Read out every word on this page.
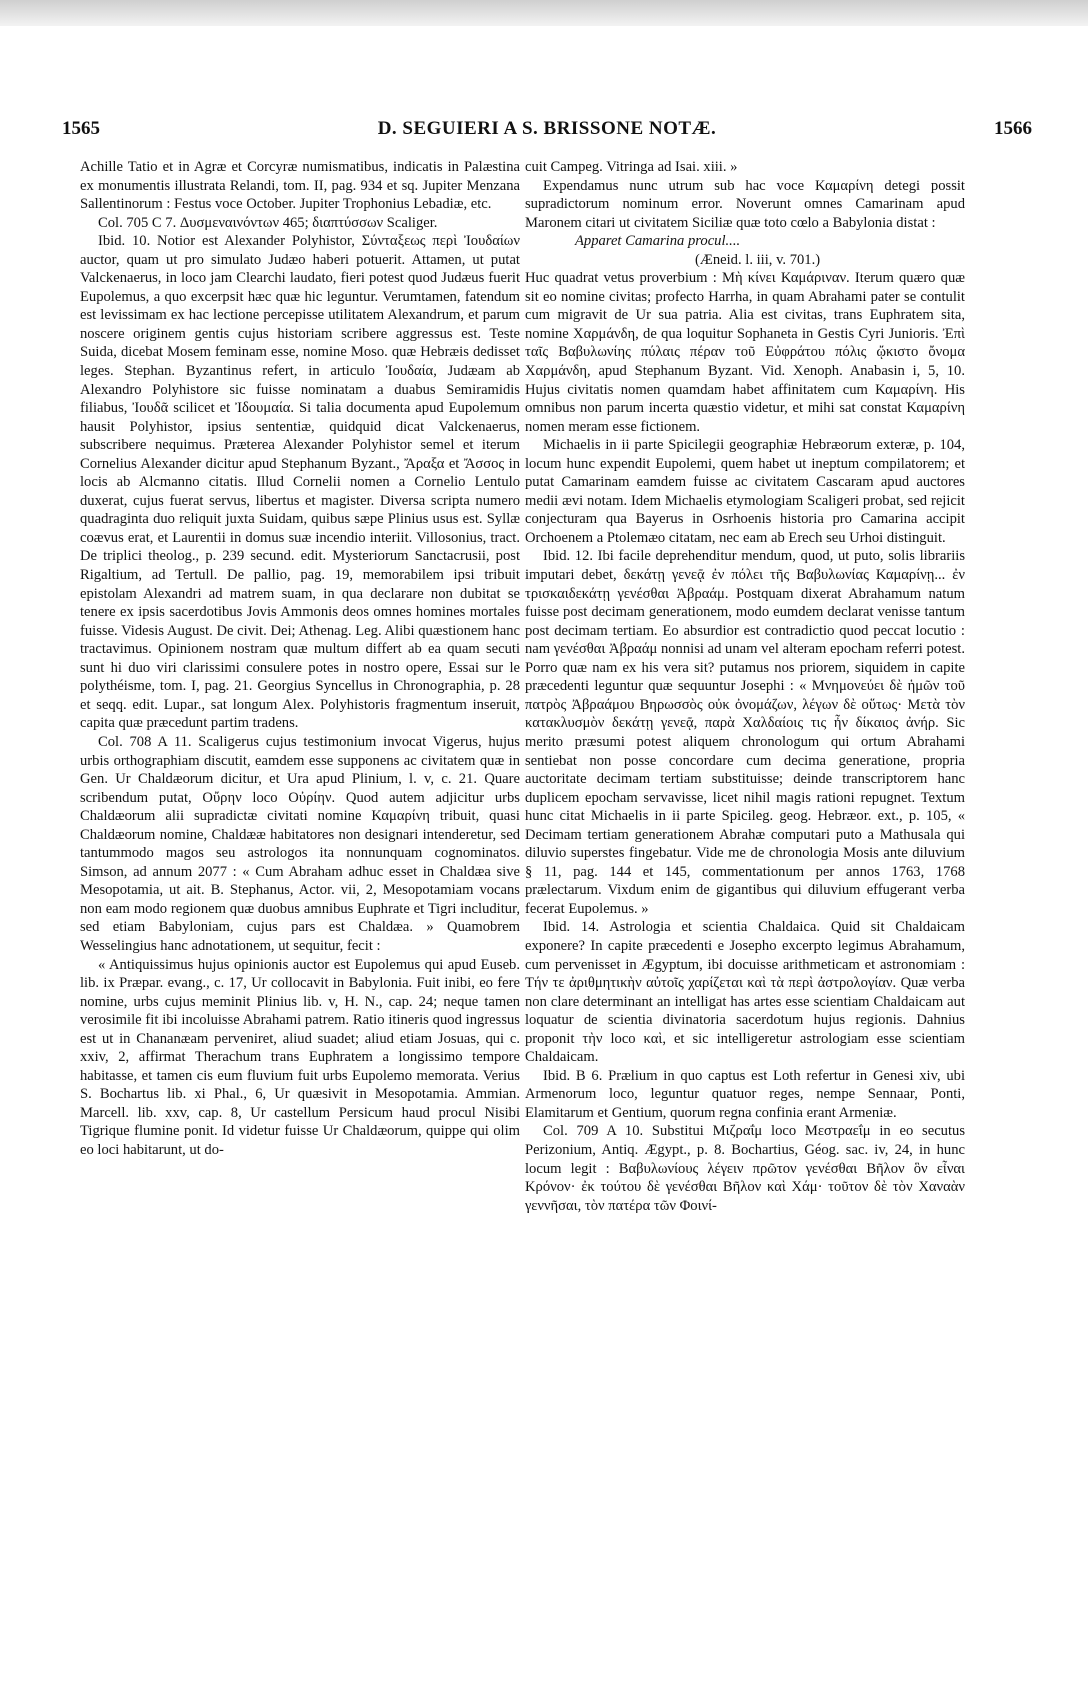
1565	D. SEGUIERI A S. BRISSONE NOTÆ.	1566

Achille Tatio et in Agræ et Corcyræ numismatibus, indicatis in Palæstina ex monumentis illustrata Relandi, tom. II, pag. 934 et sq. Jupiter Menzana Sallentinorum : Festus voce October. Jupiter Trophonius Lebadiæ, etc.

Col. 705 C 7. Δυσμεναινόντων 465; διαπτύσσων Scaliger.

Ibid. 10. Notior est Alexander Polyhistor, Σύνταξεως περὶ Ἰουδαίων auctor, quam ut pro simulato Judæo haberi potuerit. Attamen, ut putat Valckenaerus, in loco jam Clearchi laudato, fieri potest quod Judæus fuerit Eupolemus, a quo excerpsit hæc quæ hic leguntur. Verumtamen, fatendum est levissimam ex hac lectione percepisse utilitatem Alexandrum, et parum noscere originem gentis cujus historiam scribere aggressus est. Teste Suida, dicebat Mosem feminam esse, nomine Moso. quæ Hebræis dedisset leges. Stephan. Byzantinus refert, in articulo Ἰουδαία, Judæam ab Alexandro Polyhistore sic fuisse nominatam a duabus Semiramidis filiabus, Ἰουδᾶ scilicet et Ἰδουμαία. Si talia documenta apud Eupolemum hausit Polyhistor, ipsius sententiæ, quidquid dicat Valckenaerus, subscribere nequimus. Præterea Alexander Polyhistor semel et iterum Cornelius Alexander dicitur apud Stephanum Byzant., Ἄραξα et Ἄσσος in locis ab Alcmanno citatis. Illud Cornelii nomen a Cornelio Lentulo duxerat, cujus fuerat servus, libertus et magister. Diversa scripta numero quadraginta duo reliquit juxta Suidam, quibus sæpe Plinius usus est. Syllæ coævus erat, et Laurentii in domus suæ incendio interiit. Villosonius, tract. De triplici theolog., p. 239 secund. edit. Mysteriorum Sanctacrusii, post Rigaltium, ad Tertull. De pallio, pag. 19, memorabilem ipsi tribuit epistolam Alexandri ad matrem suam, in qua declarare non dubitat se tenere ex ipsis sacerdotibus Jovis Ammonis deos omnes homines mortales fuisse. Videsis August. De civit. Dei; Athenag. Leg. Alibi quæstionem hanc tractavimus. Opinionem nostram quæ multum differt ab ea quam secuti sunt hi duo viri clarissimi consulere potes in nostro opere, Essai sur le polythéisme, tom. I, pag. 21. Georgius Syncellus in Chronographia, p. 28 et seqq. edit. Lupar., sat longum Alex. Polyhistoris fragmentum inseruit, capita quæ præcedunt partim tradens.

Col. 708 A 11. Scaligerus cujus testimonium invocat Vigerus, hujus urbis orthographiam discutit, eamdem esse supponens ac civitatem quæ in Gen. Ur Chaldæorum dicitur, et Ura apud Plinium, l. v, c. 21. Quare scribendum putat, Οὔρην loco Οὐρίην. Quod autem adjicitur urbs Chaldæorum alii supradictæ civitati nomine Καμαρίνη tribuit, quasi Chaldæorum nomine, Chaldææ habitatores non designari intenderetur, sed tantummodo magos seu astrologos ita nonnunquam cognominatos. Simson, ad annum 2077 : « Cum Abraham adhuc esset in Chaldæa sive Mesopotamia, ut ait. B. Stephanus, Actor. vii, 2, Mesopotamiam vocans non eam modo regionem quæ duobus amnibus Euphrate et Tigri includitur, sed etiam Babyloniam, cujus pars est Chaldæa. » Quamobrem Wesselingius hanc adnotationem, ut sequitur, fecit :

« Antiquissimus hujus opinionis auctor est Eupolemus qui apud Euseb. lib. ix Præpar. evang., c. 17, Ur collocavit in Babylonia. Fuit inibi, eo fere nomine, urbs cujus meminit Plinius lib. v, H. N., cap. 24; neque tamen verosimile fit ibi incoluisse Abrahami patrem. Ratio itineris quod ingressus est ut in Chananæam perveniret, aliud suadet; aliud etiam Josuas, qui c. xxiv, 2, affirmat Therachum trans Euphratem a longissimo tempore habitasse, et tamen cis eum fluvium fuit urbs Eupolemo memorata. Verius S. Bochartus lib. xi Phal., 6, Ur quæsivit in Mesopotamia. Ammian. Marcell. lib. xxv, cap. 8, Ur castellum Persicum haud procul Nisibi Tigrique flumine ponit. Id videtur fuisse Ur Chaldæorum, quippe qui olim eo loci habitarunt, ut do-

cuit Campeg. Vitringa ad Isai. xiii. »

Expendamus nunc utrum sub hac voce Καμαρίνη detegi possit supradictorum nominum error. Noverunt omnes Camarinam apud Maronem citari ut civitatem Siciliæ quæ toto cœlo a Babylonia distat :

Apparet Camarina procul....

(Æneid. l. iii, v. 701.)

Huc quadrat vetus proverbium : Μὴ κίνει Καμάριναν. Iterum quæro quæ sit eo nomine civitas; profecto Harrha, in quam Abrahami pater se contulit cum migravit de Ur sua patria. Alia est civitas, trans Euphratem sita, nomine Χαρμάνδη, de qua loquitur Sophaneta in Gestis Cyri Junioris. Ἐπὶ ταῖς Βαβυλωνίης πύλαις πέραν τοῦ Εὐφράτου πόλις ᾤκιστο ὄνομα Χαρμάνδη, apud Stephanum Byzant. Vid. Xenoph. Anabasin i, 5, 10. Hujus civitatis nomen quamdam habet affinitatem cum Καμαρίνη. His omnibus non parum incerta quæstio videtur, et mihi sat constat Καμαρίνη nomen meram esse fictionem.

Michaelis in ii parte Spicilegii geographiæ Hebræorum exteræ, p. 104, locum hunc expendit Eupolemi, quem habet ut ineptum compilatorem; et putat Camarinam eamdem fuisse ac civitatem Cascaram apud auctores medii ævi notam. Idem Michaelis etymologiam Scaligeri probat, sed rejicit conjecturam qua Bayerus in Osrhoenis historia pro Camarina accipit Orchoenem a Ptolemæo citatam, nec eam ab Erech seu Urhoi distinguit.

Ibid. 12. Ibi facile deprehenditur mendum, quod, ut puto, solis librariis imputari debet, δεκάτῃ γενεᾷ ἐν πόλει τῆς Βαβυλωνίας Καμαρίνῃ... ἐν τρισκαιδεκάτῃ γενέσθαι Ἀβραάμ. Postquam dixerat Abrahamum natum fuisse post decimam generationem, modo eumdem declarat venisse tantum post decimam tertiam. Eo absurdior est contradictio quod peccat locutio : nam γενέσθαι Ἀβραάμ nonnisi ad unam vel alteram epocham referri potest. Porro quæ nam ex his vera sit? putamus nos priorem, siquidem in capite præcedenti leguntur quæ sequuntur Josephi : « Μνημονεύει δὲ ἡμῶν τοῦ πατρὸς Ἀβραάμου Βηρωσσὸς οὐκ ὀνομάζων, λέγων δὲ οὕτως· Μετὰ τὸν κατακλυσμὸν δεκάτῃ γενεᾷ, παρὰ Χαλδαίοις τις ἦν δίκαιος ἀνήρ. Sic merito præsumi potest aliquem chronologum qui ortum Abrahami sentiebat non posse concordare cum decima generatione, propria auctoritate decimam tertiam substituisse; deinde transcriptorem hanc duplicem epocham servavisse, licet nihil magis rationi repugnet. Textum hunc citat Michaelis in ii parte Spicileg. geog. Hebræor. ext., p. 105, « Decimam tertiam generationem Abrahæ computari puto a Mathusala qui diluvio superstes fingebatur. Vide me de chronologia Mosis ante diluvium § 11, pag. 144 et 145, commentationum per annos 1763, 1768 prælectarum. Vixdum enim de gigantibus qui diluvium effugerant verba fecerat Eupolemus. »

Ibid. 14. Astrologia et scientia Chaldaica. Quid sit Chaldaicam exponere? In capite præcedenti e Josepho excerpto legimus Abrahamum, cum pervenisset in Ægyptum, ibi docuisse arithmeticam et astronomiam : Τήν τε ἀριθμητικὴν αὐτοῖς χαρίζεται καὶ τὰ περὶ ἀστρολογίαν. Quæ verba non clare determinant an intelligat has artes esse scientiam Chaldaicam aut loquatur de scientia divinatoria sacerdotum hujus regionis. Dahnius proponit τὴν loco καὶ, et sic intelligeretur astrologiam esse scientiam Chaldaicam.

Ibid. B 6. Prælium in quo captus est Loth refertur in Genesi xiv, ubi Armenorum loco, leguntur quatuor reges, nempe Sennaar, Ponti, Elamitarum et Gentium, quorum regna confinia erant Armeniæ.

Col. 709 A 10. Substitui Μιζραΐμ loco Μεστραεΐμ in eo secutus Perizonium, Antiq. Ægypt., p. 8. Bochartius, Géog. sac. iv, 24, in hunc locum legit : Βαβυλωνίους λέγειν πρῶτον γενέσθαι Βῆλον ὃν εἶναι Κρόνον· ἐκ τούτου δὲ γενέσθαι Βῆλον καὶ Χάμ· τοῦτον δὲ τὸν Χαναὰν γεννῆσαι, τὸν πατέρα τῶν Φοινί-
